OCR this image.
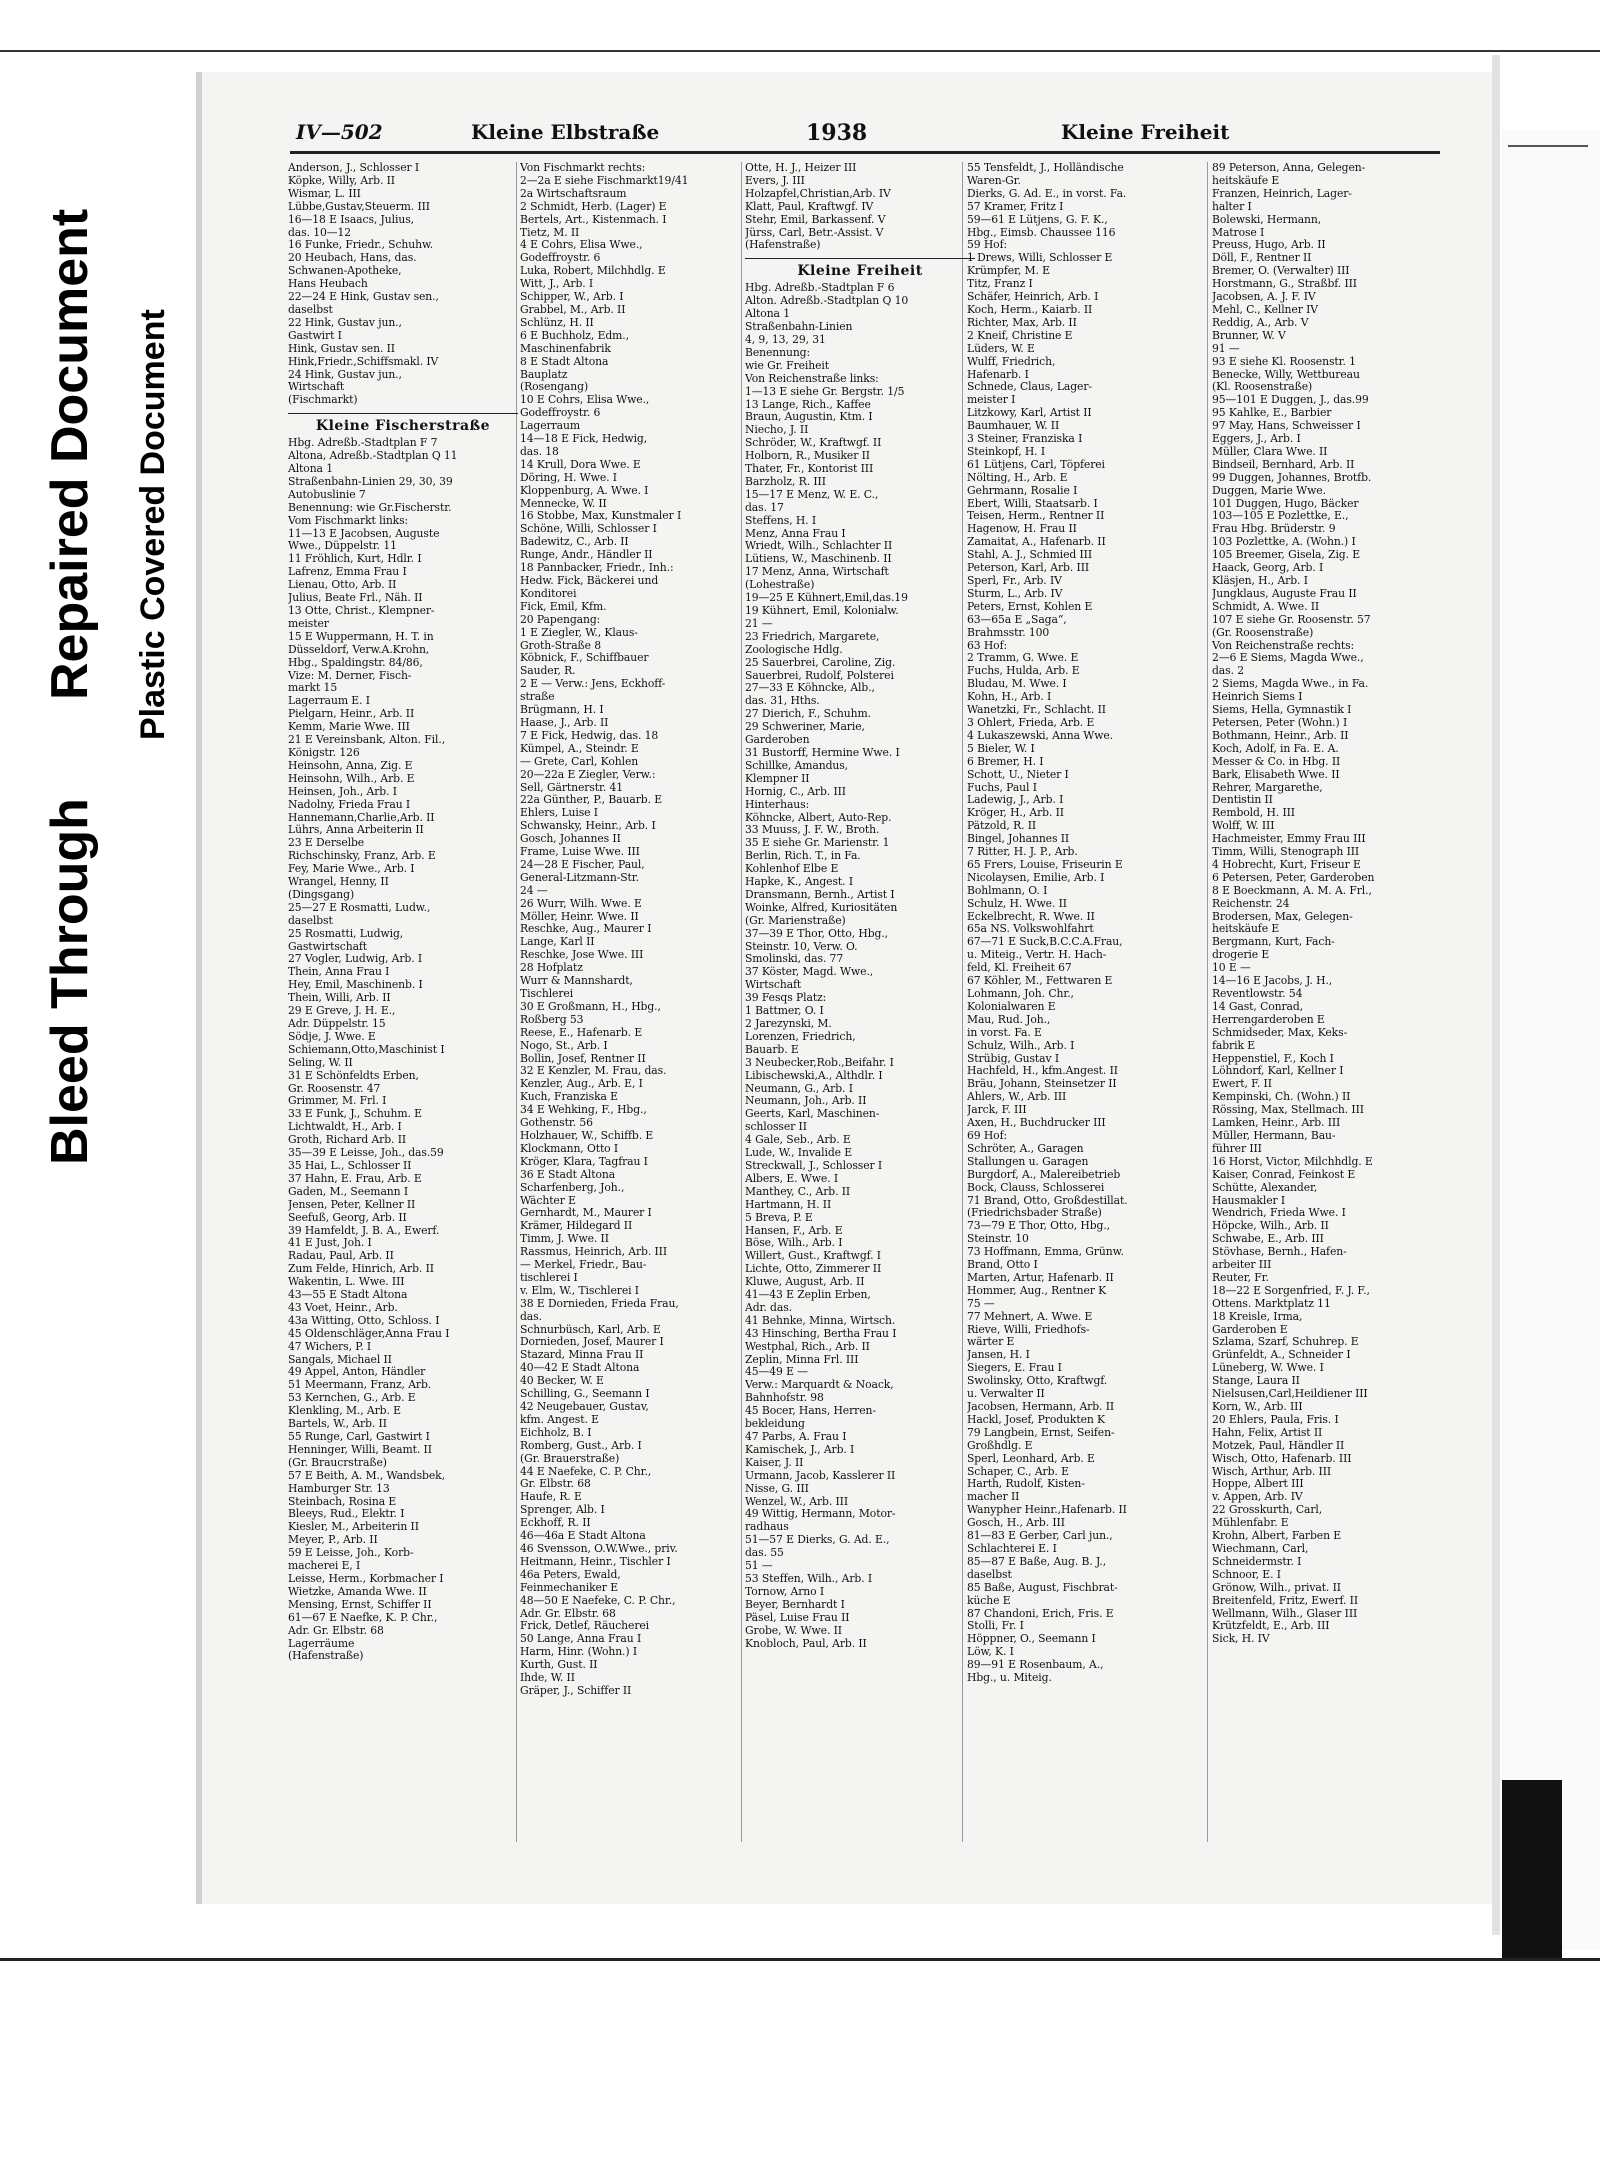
Bleed Through
Repaired Document Plastic Covered Document
IV—502	Kleine Elbstraße	1938	Kleine Freiheit
Anderson, J., Schlosser I
Köpke, Willy, Arb. II
Wismar, L. III
Lübbe,Gustav,Steuerm. III
16—18 E Isaacs, Julius,
das. 10—12
16 Funke, Friedr., Schuhw.
20 Heubach, Hans, das.
Schwanen-Apotheke,
Hans Heubach
22—24 E Hink, Gustav sen.,
daselbst
22 Hink, Gustav jun.,
Gastwirt I
Hink, Gustav sen. II
Hink,Friedr.,Schiffsmakl. IV
24 Hink, Gustav jun.,
Wirtschaft
(Fischmarkt)
Kleine Fischerstraße
Hbg. Adreßb.-Stadtplan F 7
Altona, Adreßb.-Stadtplan Q 11
Altona 1
Straßenbahn-Linien 29, 30, 39
Autobuslinie 7
Benennung: wie Gr.Fischerstr.
Vom Fischmarkt links:
11—13 E Jacobsen, Auguste
Wwe., Düppelstr. 11
11 Fröhlich, Kurt, Hdlr. I
Lafrenz, Emma Frau I
Lienau, Otto, Arb. II
Julius, Beate Frl., Näh. II
13 Otte, Christ., Klempner-
meister
15 E Wuppermann, H. T. in
Düsseldorf, Verw.A.Krohn,
Hbg., Spaldingstr. 84/86,
Vize: M. Derner, Fisch-
markt 15
Lagerraum E. I
Pielgarn, Heinr., Arb. II
Kemm, Marie Wwe. III
21 E Vereinsbank, Alton. Fil.,
Königstr. 126
Heinsohn, Anna, Zig. E
Heinsohn, Wilh., Arb. E
Heinsen, Joh., Arb. I
Nadolny, Frieda Frau I
Hannemann,Charlie,Arb. II
Lührs, Anna Arbeiterin II
23 E Derselbe
Richschinsky, Franz, Arb. E
Fey, Marie Wwe., Arb. I
Wrangel, Henny, II
(Dingsgang)
25—27 E Rosmatti, Ludw.,
daselbst
25 Rosmatti, Ludwig,
Gastwirtschaft
27 Vogler, Ludwig, Arb. I
Thein, Anna Frau I
Hey, Emil, Maschinenb. I
Thein, Willi, Arb. II
29 E Greve, J. H. E.,
Adr. Düppelstr. 15
Södje, J. Wwe. E
Schiemann,Otto,Maschinist I
Seling, W. II
31 E Schönfeldts Erben,
Gr. Roosenstr. 47
Grimmer, M. Frl. I
33 E Funk, J., Schuhm. E
Lichtwaldt, H., Arb. I
Groth, Richard Arb. II
35—39 E Leisse, Joh., das.59
35 Hai, L., Schlosser II
37 Hahn, E. Frau, Arb. E
Gaden, M., Seemann I
Jensen, Peter, Kellner II
Seefuß, Georg, Arb. II
39 Hamfeldt, J. B. A., Ewerf.
41 E Just, Joh. I
Radau, Paul, Arb. II
Zum Felde, Hinrich, Arb. II
Wakentin, L. Wwe. III
43—55 E Stadt Altona
43 Voet, Heinr., Arb.
43a Witting, Otto, Schloss. I
45 Oldenschläger,Anna Frau I
47 Wichers, P. I
Sangals, Michael II
49 Appel, Anton, Händler
51 Meermann, Franz, Arb.
53 Kernchen, G., Arb. E
Klenkling, M., Arb. E
Bartels, W., Arb. II
55 Runge, Carl, Gastwirt I
Henninger, Willi, Beamt. II
(Gr. Braucrstraße)
57 E Beith, A. M., Wandsbek,
Hamburger Str. 13
Steinbach, Rosina E
Bleeys, Rud., Elektr. I
Kiesler, M., Arbeiterin II
Meyer, P., Arb. II
59 E Leisse, Joh., Korb-
macherei E, I
Leisse, Herm., Korbmacher I
Wietzke, Amanda Wwe. II
Mensing, Ernst, Schiffer II
61—67 E Naefke, K. P. Chr.,
Adr. Gr. Elbstr. 68
Lagerräume
(Hafenstraße)
Von Fischmarkt rechts:
2—2a E siehe Fischmarkt19/41
2a Wirtschaftsraum
2 Schmidt, Herb. (Lager) E
Bertels, Art., Kistenmach. I
Tietz, M. II
4 E Cohrs, Elisa Wwe.,
Godeffroystr. 6
Luka, Robert, Milchhdlg. E
Witt, J., Arb. I
Schipper, W., Arb. I
Grabbel, M., Arb. II
Schlünz, H. II
6 E Buchholz, Edm.,
Maschinenfabrik
8 E Stadt Altona
Bauplatz
(Rosengang)
10 E Cohrs, Elisa Wwe.,
Godeffroystr. 6
Lagerraum
14—18 E Fick, Hedwig,
das. 18
14 Krull, Dora Wwe. E
Döring, H. Wwe. I
Kloppenburg, A. Wwe. I
Mennecke, W. II
16 Stobbe, Max, Kunstmaler I
Schöne, Willi, Schlosser I
Badewitz, C., Arb. II
Runge, Andr., Händler II
18 Pannbacker, Friedr., Inh.:
Hedw. Fick, Bäckerei und
Konditorei
Fick, Emil, Kfm.
20 Papengang:
1 E Ziegler, W., Klaus-
Groth-Straße 8
Köbnick, F., Schiffbauer
Sauder, R.
2 E — Verw.: Jens, Eckhoff-
straße
Brügmann, H. I
Haase, J., Arb. II
7 E Fick, Hedwig, das. 18
Kümpel, A., Steindr. E
— Grete, Carl, Kohlen
20—22a E Ziegler, Verw.:
Sell, Gärtnerstr. 41
22a Günther, P., Bauarb. E
Ehlers, Luise I
Schwansky, Heinr., Arb. I
Gosch, Johannes II
Frame, Luise Wwe. III
24—28 E Fischer, Paul,
General-Litzmann-Str.
24 —
26 Wurr, Wilh. Wwe. E
Möller, Heinr. Wwe. II
Reschke, Aug., Maurer I
Lange, Karl II
Reschke, Jose Wwe. III
28 Hofplatz
Wurr & Mannshardt,
Tischlerei
30 E Großmann, H., Hbg.,
Roßberg 53
Reese, E., Hafenarb. E
Nogo, St., Arb. I
Bollin, Josef, Rentner II
32 E Kenzler, M. Frau, das.
Kenzler, Aug., Arb. E, I
Kuch, Franziska E
34 E Wehking, F., Hbg.,
Gothenstr. 56
Holzhauer, W., Schiffb. E
Klockmann, Otto I
Kröger, Klara, Tagfrau I
36 E Stadt Altona
Scharfenberg, Joh.,
Wächter E
Gernhardt, M., Maurer I
Krämer, Hildegard II
Timm, J. Wwe. II
Rassmus, Heinrich, Arb. III
— Merkel, Friedr., Bau-
tischlerei I
v. Elm, W., Tischlerei I
38 E Dornieden, Frieda Frau,
das.
Schnurbüsch, Karl, Arb. E
Dornieden, Josef, Maurer I
Stazard, Minna Frau II
40—42 E Stadt Altona
40 Becker, W. E
Schilling, G., Seemann I
42 Neugebauer, Gustav,
kfm. Angest. E
Eichholz, B. I
Romberg, Gust., Arb. I
(Gr. Brauerstraße)
44 E Naefeke, C. P. Chr.,
Gr. Elbstr. 68
Haufe, R. E
Sprenger, Alb. I
Eckhoff, R. II
46—46a E Stadt Altona
46 Svensson, O.W.Wwe., priv.
Heitmann, Heinr., Tischler I
46a Peters, Ewald,
Feinmechaniker E
48—50 E Naefeke, C. P. Chr.,
Adr. Gr. Elbstr. 68
Frick, Detlef, Räucherei
50 Lange, Anna Frau I
Harm, Hinr. (Wohn.) I
Kurth, Gust. II
Ihde, W. II
Gräper, J., Schiffer II
Otte, H. J., Heizer III
Evers, J. III
Holzapfel,Christian,Arb. IV
Klatt, Paul, Kraftwgf. IV
Stehr, Emil, Barkassenf. V
Jürss, Carl, Betr.-Assist. V
(Hafenstraße)
Kleine Freiheit
Hbg. Adreßb.-Stadtplan F 6
Alton. Adreßb.-Stadtplan Q 10
Altona 1
Straßenbahn-Linien
4, 9, 13, 29, 31
Benennung:
wie Gr. Freiheit
Von Reichenstraße links:
1—13 E siehe Gr. Bergstr. 1/5
13 Lange, Rich., Kaffee
Braun, Augustin, Ktm. I
Niecho, J. II
Schröder, W., Kraftwgf. II
Holborn, R., Musiker II
Thater, Fr., Kontorist III
Barzholz, R. III
15—17 E Menz, W. E. C.,
das. 17
Steffens, H. I
Menz, Anna Frau I
Wriedt, Wilh., Schlachter II
Lütiens, W., Maschinenb. II
17 Menz, Anna, Wirtschaft
(Lohestraße)
19—25 E Kühnert,Emil,das.19
19 Kühnert, Emil, Kolonialw.
21 —
23 Friedrich, Margarete,
Zoologische Hdlg.
25 Sauerbrei, Caroline, Zig.
Sauerbrei, Rudolf, Polsterei
27—33 E Köhncke, Alb.,
das. 31, Hths.
27 Dierich, F., Schuhm.
29 Schweriner, Marie,
Garderoben
31 Bustorff, Hermine Wwe. I
Schillke, Amandus,
Klempner II
Hornig, C., Arb. III
Hinterhaus:
Köhncke, Albert, Auto-Rep.
33 Muuss, J. F. W., Broth.
35 E siehe Gr. Marienstr. 1
Berlin, Rich. T., in Fa.
Kohlenhof Elbe E
Hapke, K., Angest. I
Dransmann, Bernh., Artist I
Woinke, Alfred, Kuriositäten
(Gr. Marienstraße)
37—39 E Thor, Otto, Hbg.,
Steinstr. 10, Verw. O.
Smolinski, das. 77
37 Köster, Magd. Wwe.,
Wirtschaft
39 Fesqs Platz:
1 Battmer, O. I
2 Jarezynski, M.
Lorenzen, Friedrich,
Bauarb. E
3 Neubecker,Rob.,Beifahr. I
Libischewski,A., Althdlr. I
Neumann, G., Arb. I
Neumann, Joh., Arb. II
Geerts, Karl, Maschinen-
schlosser II
4 Gale, Seb., Arb. E
Lude, W., Invalide E
Streckwall, J., Schlosser I
Albers, E. Wwe. I
Manthey, C., Arb. II
Hartmann, H. II
5 Breva, P. E
Hansen, F., Arb. E
Böse, Wilh., Arb. I
Willert, Gust., Kraftwgf. I
Lichte, Otto, Zimmerer II
Kluwe, August, Arb. II
41—43 E Zeplin Erben,
Adr. das.
41 Behnke, Minna, Wirtsch.
43 Hinsching, Bertha Frau I
Westphal, Rich., Arb. II
Zeplin, Minna Frl. III
45—49 E —
Verw.: Marquardt & Noack,
Bahnhofstr. 98
45 Bocer, Hans, Herren-
bekleidung
47 Parbs, A. Frau I
Kamischek, J., Arb. I
Kaiser, J. II
Urmann, Jacob, Kasslerer II
Nisse, G. III
Wenzel, W., Arb. III
49 Wittig, Hermann, Motor-
radhaus
51—57 E Dierks, G. Ad. E.,
das. 55
51 —
53 Steffen, Wilh., Arb. I
Tornow, Arno I
Beyer, Bernhardt I
Päsel, Luise Frau II
Grobe, W. Wwe. II
Knobloch, Paul, Arb. II
55 Tensfeldt, J., Holländische
Waren-Gr.
Dierks, G. Ad. E., in vorst. Fa.
57 Kramer, Fritz I
59—61 E Lütjens, G. F. K.,
Hbg., Eimsb. Chaussee 116
59 Hof:
1 Drews, Willi, Schlosser E
Krümpfer, M. E
Titz, Franz I
Schäfer, Heinrich, Arb. I
Koch, Herm., Kaiarb. II
Richter, Max, Arb. II
2 Kneif, Christine E
Lüders, W. E
Wulff, Friedrich,
Hafenarb. I
Schnede, Claus, Lager-
meister I
Litzkowy, Karl, Artist II
Baumhauer, W. II
3 Steiner, Franziska I
Steinkopf, H. I
61 Lütjens, Carl, Töpferei
Nölting, H., Arb. E
Gehrmann, Rosalie I
Ebert, Willi, Staatsarb. I
Teisen, Herm., Rentner II
Hagenow, H. Frau II
Zamaitat, A., Hafenarb. II
Stahl, A. J., Schmied III
Peterson, Karl, Arb. III
Sperl, Fr., Arb. IV
Sturm, L., Arb. IV
Peters, Ernst, Kohlen E
63—65a E „Saga“,
Brahmsstr. 100
63 Hof:
2 Tramm, G. Wwe. E
Fuchs, Hulda, Arb. E
Bludau, M. Wwe. I
Kohn, H., Arb. I
Wanetzki, Fr., Schlacht. II
3 Ohlert, Frieda, Arb. E
4 Lukaszewski, Anna Wwe.
5 Bieler, W. I
6 Bremer, H. I
Schott, U., Nieter I
Fuchs, Paul I
Ladewig, J., Arb. I
Kröger, H., Arb. II
Pätzold, R. II
Bingel, Johannes II
7 Ritter, H. J. P., Arb.
65 Frers, Louise, Friseurin E
Nicolaysen, Emilie, Arb. I
Bohlmann, O. I
Schulz, H. Wwe. II
Eckelbrecht, R. Wwe. II
65a NS. Volkswohlfahrt
67—71 E Suck,B.C.C.A.Frau,
u. Miteig., Vertr. H. Hach-
feld, Kl. Freiheit 67
67 Köhler, M., Fettwaren E
Lohmann, Joh. Chr.,
Kolonialwaren E
Mau, Rud. Joh.,
in vorst. Fa. E
Schulz, Wilh., Arb. I
Strübig, Gustav I
Hachfeld, H., kfm.Angest. II
Bräu, Johann, Steinsetzer II
Ahlers, W., Arb. III
Jarck, F. III
Axen, H., Buchdrucker III
69 Hof:
Schröter, A., Garagen
Stallungen u. Garagen
Burgdorf, A., Malereibetrieb
Bock, Clauss, Schlosserei
71 Brand, Otto, Großdestillat.
(Friedrichsbader Straße)
73—79 E Thor, Otto, Hbg.,
Steinstr. 10
73 Hoffmann, Emma, Grünw.
Brand, Otto I
Marten, Artur, Hafenarb. II
Hommer, Aug., Rentner K
75 —
77 Mehnert, A. Wwe. E
Rieve, Willi, Friedhofs-
wärter E
Jansen, H. I
Siegers, E. Frau I
Swolinsky, Otto, Kraftwgf.
u. Verwalter II
Jacobsen, Hermann, Arb. II
Hackl, Josef, Produkten K
79 Langbein, Ernst, Seifen-
Großhdlg. E
Sperl, Leonhard, Arb. E
Schaper, C., Arb. E
Harth, Rudolf, Kisten-
macher II
Wanypher Heinr.,Hafenarb. II
Gosch, H., Arb. III
81—83 E Gerber, Carl jun.,
Schlachterei E. I
85—87 E Baße, Aug. B. J.,
daselbst
85 Baße, August, Fischbrat-
küche E
87 Chandoni, Erich, Fris. E
Stolli, Fr. I
Höppner, O., Seemann I
Löw, K. I
89—91 E Rosenbaum, A.,
Hbg., u. Miteig.
89 Peterson, Anna, Gelegen-
heitskäufe E
Franzen, Heinrich, Lager-
halter I
Bolewski, Hermann,
Matrose I
Preuss, Hugo, Arb. II
Döll, F., Rentner II
Bremer, O. (Verwalter) III
Horstmann, G., Straßbf. III
Jacobsen, A. J. F. IV
Mehl, C., Kellner IV
Reddig, A., Arb. V
Brunner, W. V
91 —
93 E siehe Kl. Roosenstr. 1
Benecke, Willy, Wettbureau
(Kl. Roosenstraße)
95—101 E Duggen, J., das.99
95 Kahlke, E., Barbier
97 May, Hans, Schweisser I
Eggers, J., Arb. I
Müller, Clara Wwe. II
Bindseil, Bernhard, Arb. II
99 Duggen, Johannes, Brotfb.
Duggen, Marie Wwe.
101 Duggen, Hugo, Bäcker
103—105 E Pozlettke, E.,
Frau Hbg. Brüderstr. 9
103 Pozlettke, A. (Wohn.) I
105 Breemer, Gisela, Zig. E
Haack, Georg, Arb. I
Kläsjen, H., Arb. I
Jungklaus, Auguste Frau II
Schmidt, A. Wwe. II
107 E siehe Gr. Roosenstr. 57
(Gr. Roosenstraße)
Von Reichenstraße rechts:
2—6 E Siems, Magda Wwe.,
das. 2
2 Siems, Magda Wwe., in Fa.
Heinrich Siems I
Siems, Hella, Gymnastik I
Petersen, Peter (Wohn.) I
Bothmann, Heinr., Arb. II
Koch, Adolf, in Fa. E. A.
Messer & Co. in Hbg. II
Bark, Elisabeth Wwe. II
Rehrer, Margarethe,
Dentistin II
Rembold, H. III
Wolff, W. III
Hachmeister, Emmy Frau III
Timm, Willi, Stenograph III
4 Hobrecht, Kurt, Friseur E
6 Petersen, Peter, Garderoben
8 E Boeckmann, A. M. A. Frl.,
Reichenstr. 24
Brodersen, Max, Gelegen-
heitskäufe E
Bergmann, Kurt, Fach-
drogerie E
10 E —
14—16 E Jacobs, J. H.,
Reventlowstr. 54
14 Gast, Conrad,
Herrengarderoben E
Schmidseder, Max, Keks-
fabrik E
Heppenstiel, F., Koch I
Löhndorf, Karl, Kellner I
Ewert, F. II
Kempinski, Ch. (Wohn.) II
Rössing, Max, Stellmach. III
Lamken, Heinr., Arb. III
Müller, Hermann, Bau-
führer III
16 Horst, Victor, Milchhdlg. E
Kaiser, Conrad, Feinkost E
Schütte, Alexander,
Hausmakler I
Wendrich, Frieda Wwe. I
Höpcke, Wilh., Arb. II
Schwabe, E., Arb. III
Stövhase, Bernh., Hafen-
arbeiter III
Reuter, Fr.
18—22 E Sorgenfried, F. J. F.,
Ottens. Marktplatz 11
18 Kreisle, Irma,
Garderoben E
Szlama, Szarf, Schuhrep. E
Grünfeldt, A., Schneider I
Lüneberg, W. Wwe. I
Stange, Laura II
Nielsusen,Carl,Heildiener III
Korn, W., Arb. III
20 Ehlers, Paula, Fris. I
Hahn, Felix, Artist II
Motzek, Paul, Händler II
Wisch, Otto, Hafenarb. III
Wisch, Arthur, Arb. III
Hoppe, Albert III
v. Appen, Arb. IV
22 Grosskurth, Carl,
Mühlenfabr. E
Krohn, Albert, Farben E
Wiechmann, Carl,
Schneidermstr. I
Schnoor, E. I
Grönow, Wilh., privat. II
Breitenfeld, Fritz, Ewerf. II
Wellmann, Wilh., Glaser III
Krützfeldt, E., Arb. III
Sick, H. IV
